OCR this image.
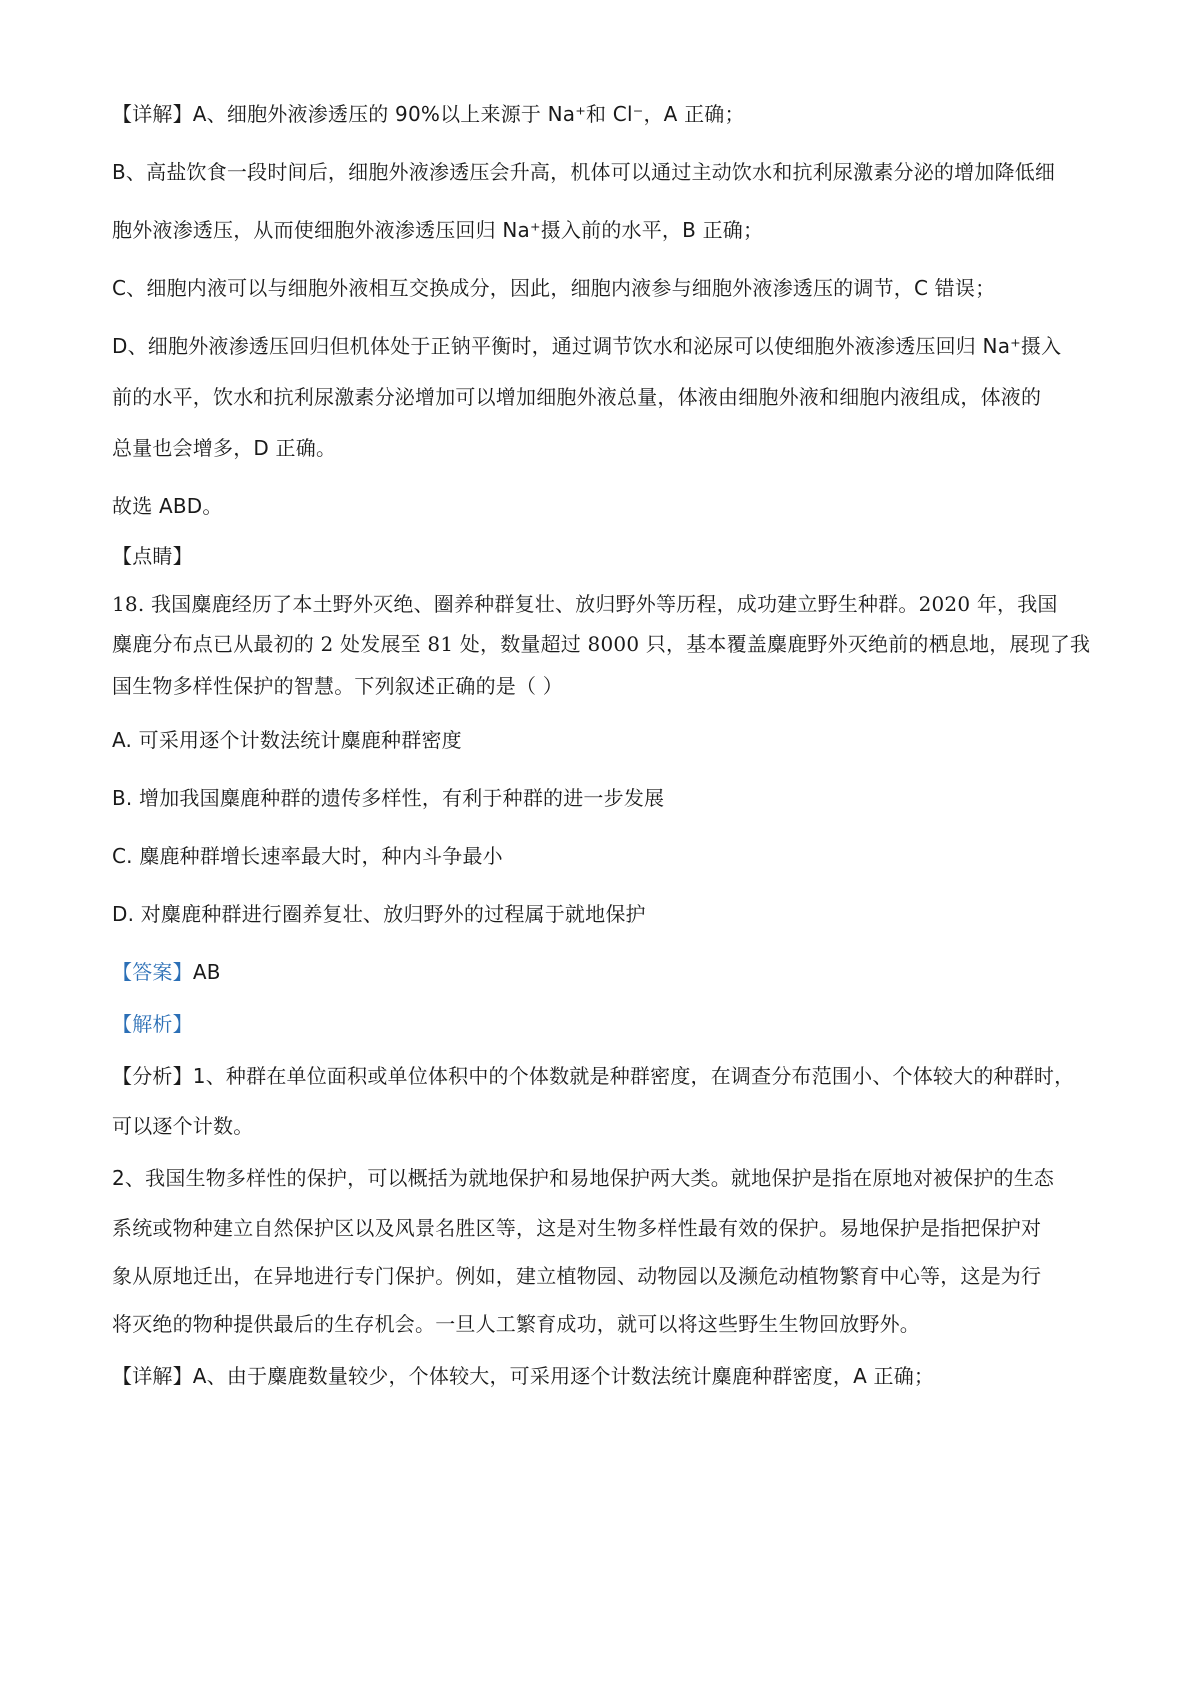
【详解】A、细胞外液渗透压的 90%以上来源于 Na⁺和 Cl⁻，A 正确；
B、高盐饮食一段时间后，细胞外液渗透压会升高，机体可以通过主动饮水和抗利尿激素分泌的增加降低细
胞外液渗透压，从而使细胞外液渗透压回归 Na⁺摄入前的水平，B 正确；
C、细胞内液可以与细胞外液相互交换成分，因此，细胞内液参与细胞外液渗透压的调节，C 错误；
D、细胞外液渗透压回归但机体处于正钠平衡时，通过调节饮水和泌尿可以使细胞外液渗透压回归 Na⁺摄入
前的水平，饮水和抗利尿激素分泌增加可以增加细胞外液总量，体液由细胞外液和细胞内液组成，体液的
总量也会增多，D 正确。
故选 ABD。
【点睛】
18. 我国麋鹿经历了本土野外灭绝、圈养种群复壮、放归野外等历程，成功建立野生种群。2020 年，我国
麋鹿分布点已从最初的 2 处发展至 81 处，数量超过 8000 只，基本覆盖麋鹿野外灭绝前的栖息地，展现了我
国生物多样性保护的智慧。下列叙述正确的是（ ）
A. 可采用逐个计数法统计麋鹿种群密度
B. 增加我国麋鹿种群的遗传多样性，有利于种群的进一步发展
C. 麋鹿种群增长速率最大时，种内斗争最小
D. 对麋鹿种群进行圈养复壮、放归野外的过程属于就地保护
【答案】AB
【解析】
【分析】1、种群在单位面积或单位体积中的个体数就是种群密度，在调查分布范围小、个体较大的种群时，
可以逐个计数。
2、我国生物多样性的保护，可以概括为就地保护和易地保护两大类。就地保护是指在原地对被保护的生态
系统或物种建立自然保护区以及风景名胜区等，这是对生物多样性最有效的保护。易地保护是指把保护对
象从原地迁出，在异地进行专门保护。例如，建立植物园、动物园以及濒危动植物繁育中心等，这是为行
将灭绝的物种提供最后的生存机会。一旦人工繁育成功，就可以将这些野生生物回放野外。
【详解】A、由于麋鹿数量较少，个体较大，可采用逐个计数法统计麋鹿种群密度，A 正确；
